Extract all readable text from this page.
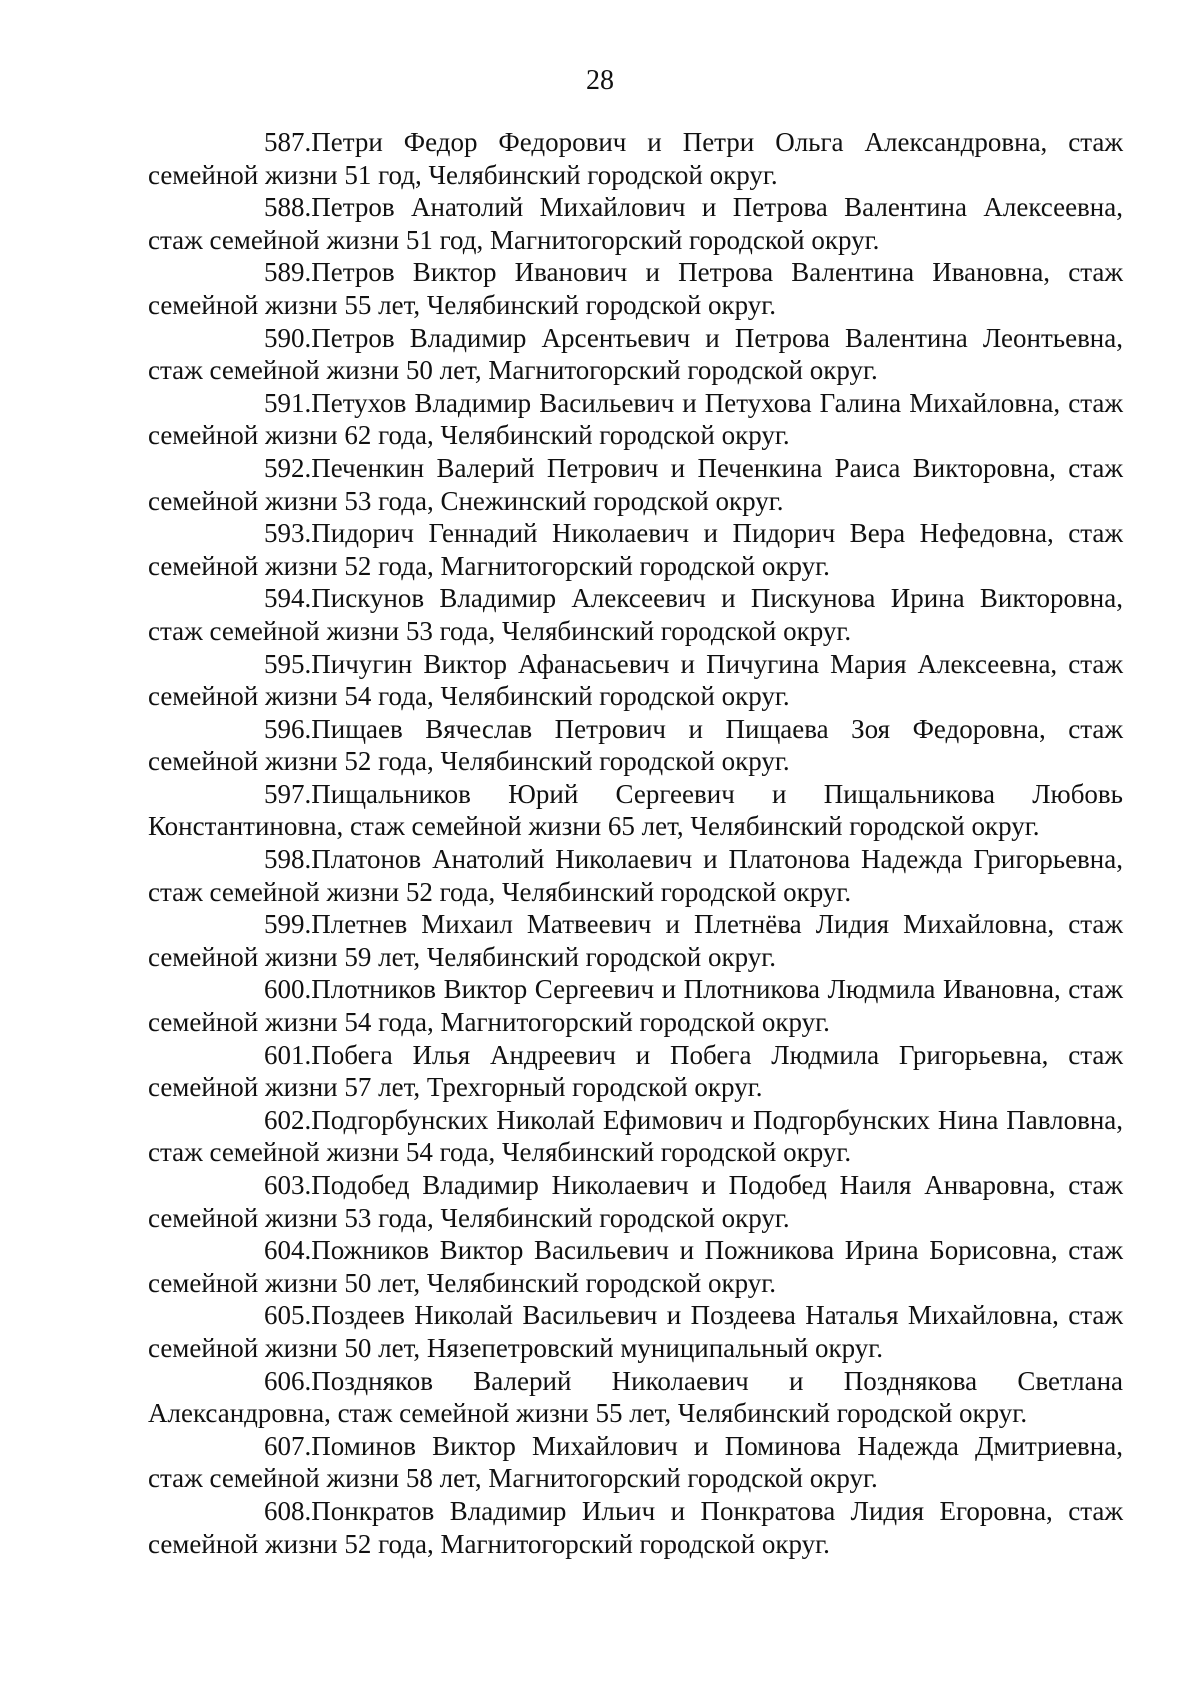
28

587.Петри Федор Федорович и Петри Ольга Александровна, стаж семейной жизни 51 год, Челябинский городской округ.

588.Петров Анатолий Михайлович и Петрова Валентина Алексеевна, стаж семейной жизни 51 год, Магнитогорский городской округ.

589.Петров Виктор Иванович и Петрова Валентина Ивановна, стаж семейной жизни 55 лет, Челябинский городской округ.

590.Петров Владимир Арсентьевич и Петрова Валентина Леонтьевна, стаж семейной жизни 50 лет, Магнитогорский городской округ.

591.Петухов Владимир Васильевич и Петухова Галина Михайловна, стаж семейной жизни 62 года, Челябинский городской округ.

592.Печенкин Валерий Петрович и Печенкина Раиса Викторовна, стаж семейной жизни 53 года, Снежинский городской округ.

593.Пидорич Геннадий Николаевич и Пидорич Вера Нефедовна, стаж семейной жизни 52 года, Магнитогорский городской округ.

594.Пискунов Владимир Алексеевич и Пискунова Ирина Викторовна, стаж семейной жизни 53 года, Челябинский городской округ.

595.Пичугин Виктор Афанасьевич и Пичугина Мария Алексеевна, стаж семейной жизни 54 года, Челябинский городской округ.

596.Пищаев Вячеслав Петрович и Пищаева Зоя Федоровна, стаж семейной жизни 52 года, Челябинский городской округ.

597.Пищальников Юрий Сергеевич и Пищальникова Любовь Константиновна, стаж семейной жизни 65 лет, Челябинский городской округ.

598.Платонов Анатолий Николаевич и Платонова Надежда Григорьевна, стаж семейной жизни 52 года, Челябинский городской округ.

599.Плетнев Михаил Матвеевич и Плетнёва Лидия Михайловна, стаж семейной жизни 59 лет, Челябинский городской округ.

600.Плотников Виктор Сергеевич и Плотникова Людмила Ивановна, стаж семейной жизни 54 года, Магнитогорский городской округ.

601.Побега Илья Андреевич и Побега Людмила Григорьевна, стаж семейной жизни 57 лет, Трехгорный городской округ.

602.Подгорбунских Николай Ефимович и Подгорбунских Нина Павловна, стаж семейной жизни 54 года, Челябинский городской округ.

603.Подобед Владимир Николаевич и Подобед Наиля Анваровна, стаж семейной жизни 53 года, Челябинский городской округ.

604.Пожников Виктор Васильевич и Пожникова Ирина Борисовна, стаж семейной жизни 50 лет, Челябинский городской округ.

605.Поздеев Николай Васильевич и Поздеева Наталья Михайловна, стаж семейной жизни 50 лет, Нязепетровский муниципальный округ.

606.Поздняков Валерий Николаевич и Позднякова Светлана Александровна, стаж семейной жизни 55 лет, Челябинский городской округ.

607.Поминов Виктор Михайлович и Поминова Надежда Дмитриевна, стаж семейной жизни 58 лет, Магнитогорский городской округ.

608.Понкратов Владимир Ильич и Понкратова Лидия Егоровна, стаж семейной жизни 52 года, Магнитогорский городской округ.
